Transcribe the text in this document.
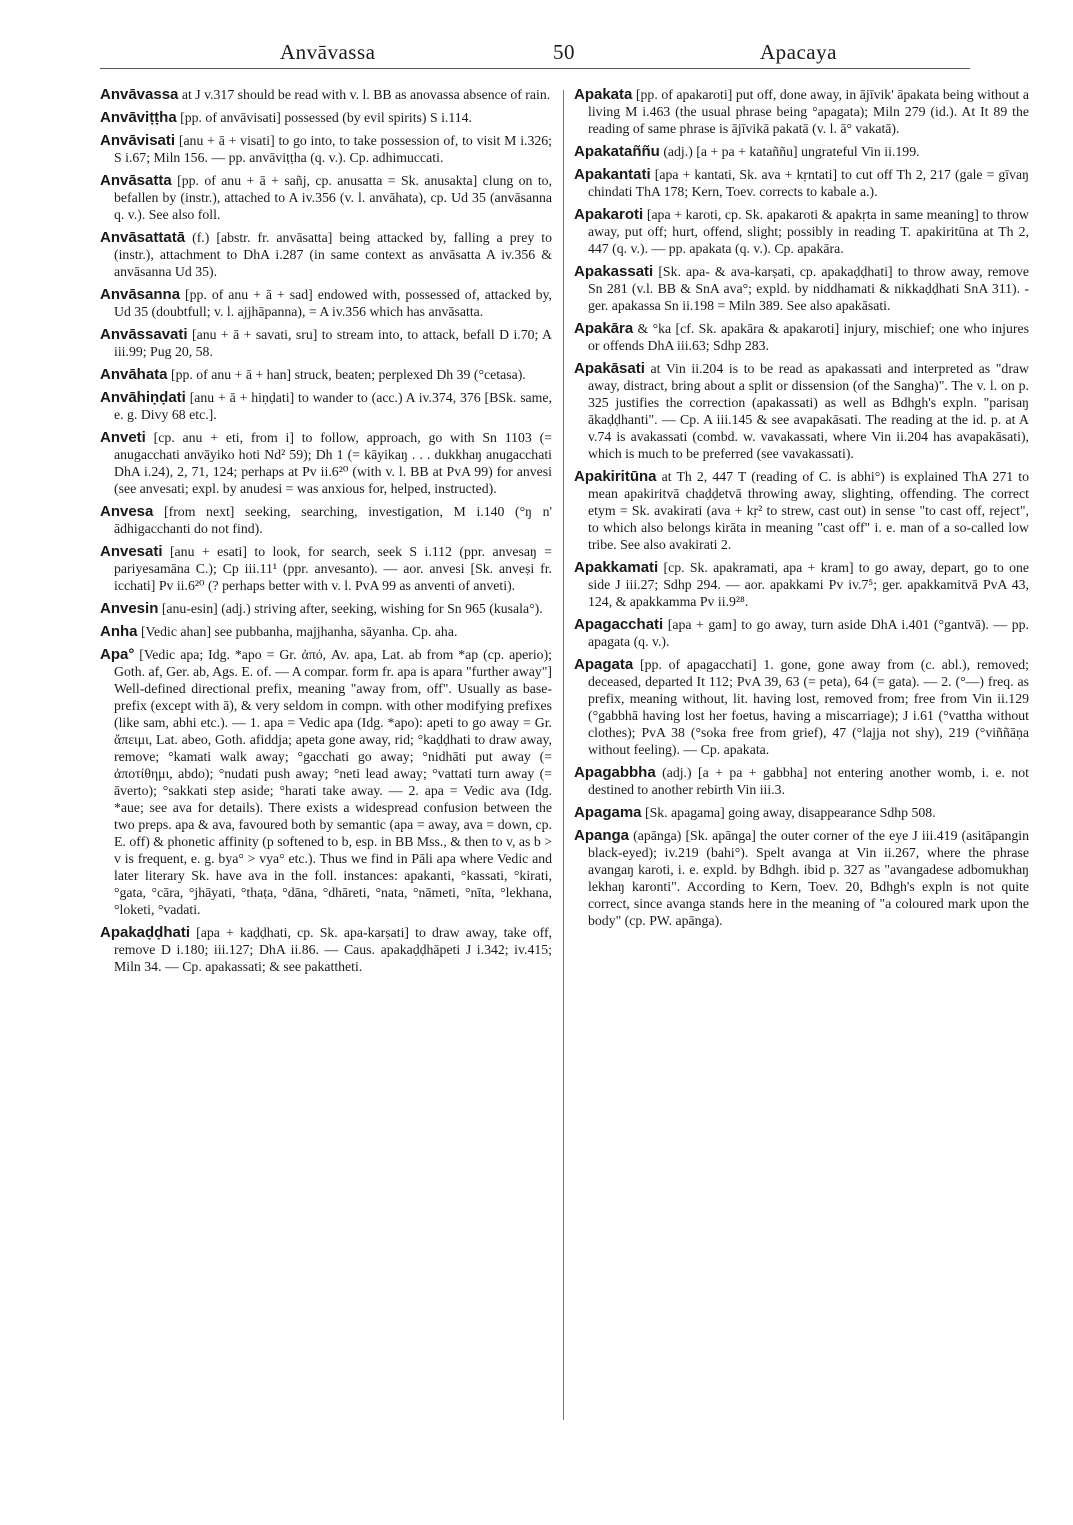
Anvāvassa	50	Apacaya

Anvāvassa at J v.317 should be read with v. l. BB as anovassa absence of rain.

Anvāviṭṭha [pp. of anvāvisati] possessed (by evil spirits) S i.114.

Anvāvisati [anu + ā + visati] to go into, to take possession of, to visit M i.326; S i.67; Miln 156. — pp. anvāviṭṭha (q. v.). Cp. adhimuccati.

Anvāsatta [pp. of anu + ā + sañj, cp. anusatta = Sk. anusakta] clung on to, befallen by (instr.), attached to A iv.356 (v. l. anvāhata), cp. Ud 35 (anvāsanna q. v.). See also foll.

Anvāsattatā (f.) [abstr. fr. anvāsatta] being attacked by, falling a prey to (instr.), attachment to DhA i.287 (in same context as anvāsatta A iv.356 & anvāsanna Ud 35).

Anvāsanna [pp. of anu + ā + sad] endowed with, possessed of, attacked by, Ud 35 (doubtfull; v. l. ajjhāpanna), = A iv.356 which has anvāsatta.

Anvāssavati [anu + ā + savati, sru] to stream into, to attack, befall D i.70; A iii.99; Pug 20, 58.

Anvāhata [pp. of anu + ā + han] struck, beaten; perplexed Dh 39 (°cetasa).

Anvāhiṇḍati [anu + ā + hiṇḍati] to wander to (acc.) A iv.374, 376 [BSk. same, e. g. Divy 68 etc.].

Anveti [cp. anu + eti, from i] to follow, approach, go with Sn 1103 (= anugacchati anvāyiko hoti Nd² 59); Dh 1 (= kāyikaŋ . . . dukkhaŋ anugacchati DhA i.24), 2, 71, 124; perhaps at Pv ii.6²⁰ (with v. l. BB at PvA 99) for anvesi (see anvesati; expl. by anudesi = was anxious for, helped, instructed).

Anvesa [from next] seeking, searching, investigation, M i.140 (°ŋ n' ādhigacchanti do not find).

Anvesati [anu + esati] to look, for search, seek S i.112 (ppr. anvesaŋ = pariyesamāna C.); Cp iii.11¹ (ppr. anvesanto). — aor. anvesi [Sk. anveṣi fr. icchati] Pv ii.6²⁰ (? perhaps better with v. l. PvA 99 as anventi of anveti).

Anvesin [anu-esin] (adj.) striving after, seeking, wishing for Sn 965 (kusala°).

Anha [Vedic ahan] see pubbanha, majjhanha, sāyanha. Cp. aha.

Apa° [Vedic apa; Idg. *apo = Gr. ἀπό, Av. apa, Lat. ab from *ap (cp. aperio); Goth. af, Ger. ab, Ags. E. of. — A compar. form fr. apa is apara "further away"] Well-defined directional prefix, meaning "away from, off". Usually as base-prefix (except with ā), & very seldom in compn. with other modifying prefixes (like sam, abhi etc.). — 1. apa = Vedic apa (Idg. *apo): apeti to go away = Gr. ἄπειμι, Lat. abeo, Goth. afiddja; apeta gone away, rid; °kaḍḍhati to draw away, remove; °kamati walk away; °gacchati go away; °nidhāti put away (= ἀποτίθημι, abdo); °nudati push away; °neti lead away; °vattati turn away (= āverto); °sakkati step aside; °harati take away. — 2. apa = Vedic ava (Idg. *aue; see ava for details). There exists a widespread confusion between the two preps. apa & ava, favoured both by semantic (apa = away, ava = down, cp. E. off) & phonetic affinity (p softened to b, esp. in BB Mss., & then to v, as b > v is frequent, e. g. bya° > vya° etc.). Thus we find in Pāli apa where Vedic and later literary Sk. have ava in the foll. instances: apakanti, °kassati, °kirati, °gata, °cāra, °jhāyati, °thaṭa, °dāna, °dhāreti, °nata, °nāmeti, °nīta, °lekhana, °loketi, °vadati.

Apakaḍḍhati [apa + kaḍḍhati, cp. Sk. apa-karṣati] to draw away, take off, remove D i.180; iii.127; DhA ii.86. — Caus. apakaḍḍhāpeti J i.342; iv.415; Miln 34. — Cp. apakassati; & see pakattheti.

Apakata [pp. of apakaroti] put off, done away, in ājīvik' āpakata being without a living M i.463 (the usual phrase being °apagata); Miln 279 (id.). At It 89 the reading of same phrase is ājīvikā pakatā (v. l. ā° vakatā).

Apakataññu (adj.) [a + pa + kataññu] ungrateful Vin ii.199.

Apakantati [apa + kantati, Sk. ava + kṛntati] to cut off Th 2, 217 (gale = gīvaŋ chindati ThA 178; Kern, Toev. corrects to kabale a.).

Apakaroti [apa + karoti, cp. Sk. apakaroti & apakṛta in same meaning] to throw away, put off; hurt, offend, slight; possibly in reading T. apakiritūna at Th 2, 447 (q. v.). — pp. apakata (q. v.). Cp. apakāra.

Apakassati [Sk. apa- & ava-karṣati, cp. apakaḍḍhati] to throw away, remove Sn 281 (v.l. BB & SnA ava°; expld. by niddhamati & nikkaḍḍhati SnA 311). -ger. apakassa Sn ii.198 = Miln 389. See also apakāsati.

Apakāra & °ka [cf. Sk. apakāra & apakaroti] injury, mischief; one who injures or offends DhA iii.63; Sdhp 283.

Apakāsati at Vin ii.204 is to be read as apakassati and interpreted as "draw away, distract, bring about a split or dissension (of the Sangha)". The v. l. on p. 325 justifies the correction (apakassati) as well as Bdhgh's expln. "parisaŋ ākaḍḍhanti". — Cp. A iii.145 & see avapakāsati. The reading at the id. p. at A v.74 is avakassati (combd. w. vavakassati, where Vin ii.204 has avapakāsati), which is much to be preferred (see vavakassati).

Apakiritūna at Th 2, 447 T (reading of C. is abhi°) is explained ThA 271 to mean apakiritvā chaḍḍetvā throwing away, slighting, offending. The correct etym = Sk. avakirati (ava + kṛ² to strew, cast out) in sense "to cast off, reject", to which also belongs kirāta in meaning "cast off" i. e. man of a so-called low tribe. See also avakirati 2.

Apakkamati [cp. Sk. apakramati, apa + kram] to go away, depart, go to one side J iii.27; Sdhp 294. — aor. apakkami Pv iv.7⁵; ger. apakkamitvā PvA 43, 124, & apakkamma Pv ii.9²⁸.

Apagacchati [apa + gam] to go away, turn aside DhA i.401 (°gantvā). — pp. apagata (q. v.).

Apagata [pp. of apagacchati] 1. gone, gone away from (c. abl.), removed; deceased, departed It 112; PvA 39, 63 (= peta), 64 (= gata). — 2. (°—) freq. as prefix, meaning without, lit. having lost, removed from; free from Vin ii.129 (°gabbhā having lost her foetus, having a miscarriage); J i.61 (°vattha without clothes); PvA 38 (°soka free from grief), 47 (°lajja not shy), 219 (°viññāṇa without feeling). — Cp. apakata.

Apagabbha (adj.) [a + pa + gabbha] not entering another womb, i. e. not destined to another rebirth Vin iii.3.

Apagama [Sk. apagama] going away, disappearance Sdhp 508.

Apanga (apānga) [Sk. apānga] the outer corner of the eye J iii.419 (asitāpangin black-eyed); iv.219 (bahi°). Spelt avanga at Vin ii.267, where the phrase avangaŋ karoti, i. e. expld. by Bdhgh. ibid p. 327 as "avangadese adbomukhaŋ lekhaŋ karonti". According to Kern, Toev. 20, Bdhgh's expln is not quite correct, since avanga stands here in the meaning of "a coloured mark upon the body" (cp. PW. apānga).
